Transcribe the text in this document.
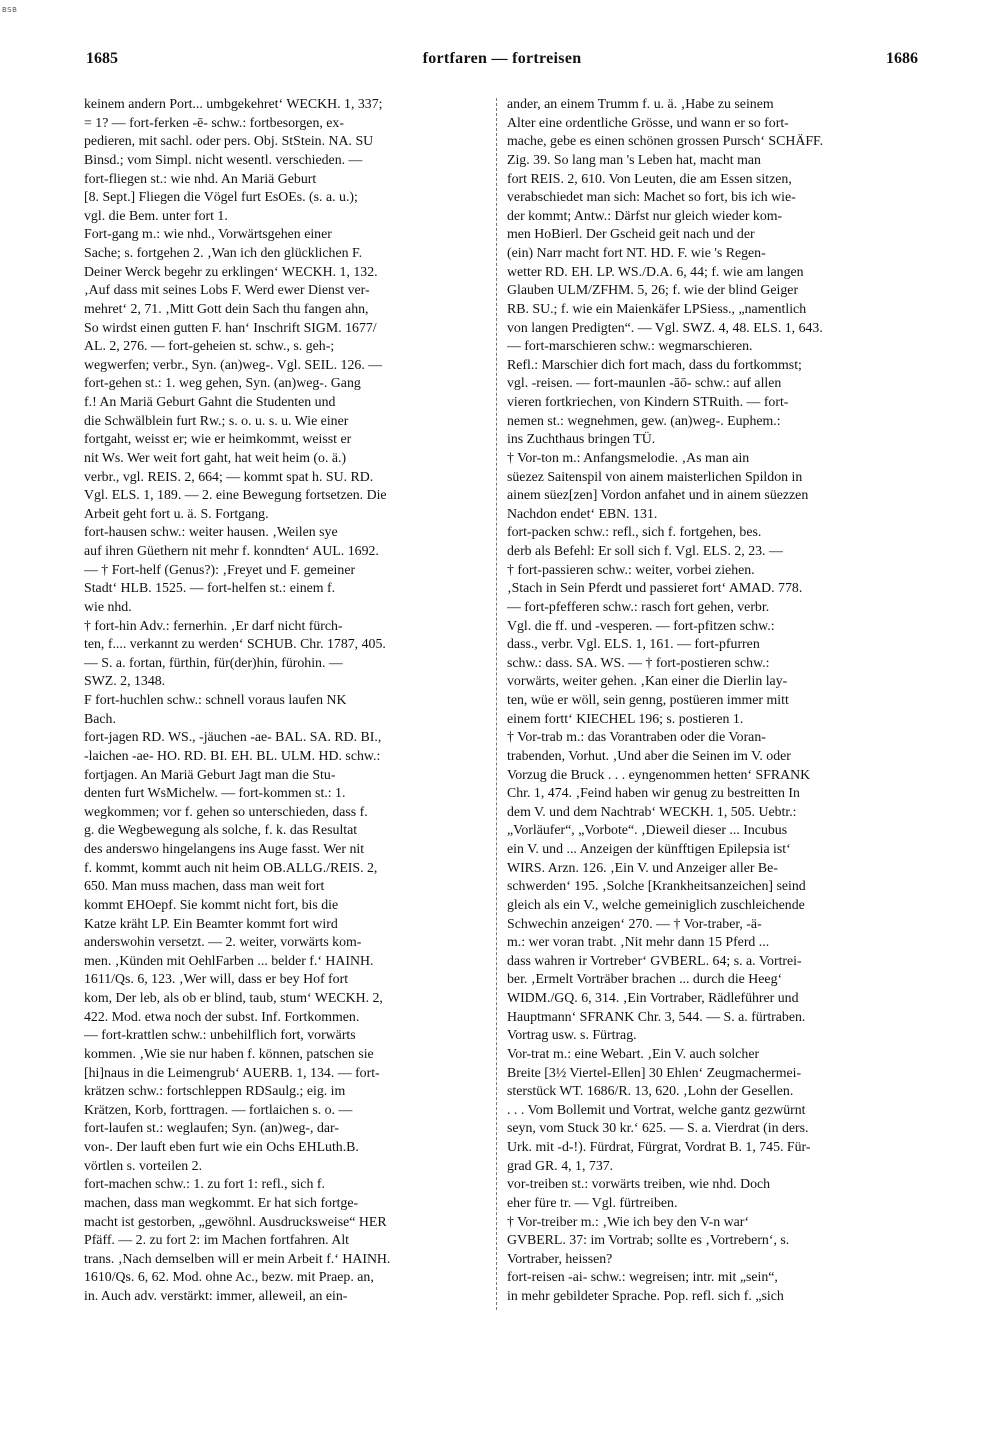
BSB
1685	fortfaren — fortreisen	1686
keinem andern Port... umbgekehret‘ WECKH. 1, 337;
= 1? — fort-ferken -ē- schw.: fortbesorgen, ex-
pedieren, mit sachl. oder pers. Obj. StStein. NA. SU
Binsd.; vom Simpl. nicht wesentl. verschieden. —
fort-fliegen st.: wie nhd. An Mariä Geburt
[8. Sept.] Fliegen die Vögel furt EsOEs. (s. a. u.);
vgl. die Bem. unter fort 1.
Fort-gang m.: wie nhd., Vorwärtsgehen einer
Sache; s. fortgehen 2. ‚Wan ich den glücklichen F.
Deiner Werck begehr zu erklingen‘ WECKH. 1, 132.
‚Auf dass mit seines Lobs F. Werd ewer Dienst ver-
mehret‘ 2, 71. ‚Mitt Gott dein Sach thu fangen ahn,
So wirdst einen gutten F. han‘ Inschrift SIGM. 1677/
AL. 2, 276. — fort-geheien st. schw., s. geh-;
wegwerfen; verbr., Syn. (an)weg-. Vgl. SEIL. 126. —
fort-gehen st.: 1. weg gehen, Syn. (an)weg-. Gang
f.! An Mariä Geburt Gahnt die Studenten und
die Schwälblein furt Rw.; s. o. u. s. u. Wie einer
fortgaht, weisst er; wie er heimkommt, weisst er
nit Ws. Wer weit fort gaht, hat weit heim (o. ä.)
verbr., vgl. REIS. 2, 664; — kommt spat h. SU. RD.
Vgl. ELS. 1, 189. — 2. eine Bewegung fortsetzen. Die
Arbeit geht fort u. ä. S. Fortgang.
fort-hausen schw.: weiter hausen. ‚Weilen sye
auf ihren Güethern nit mehr f. konndten‘ AUL. 1692.
— † Fort-helf (Genus?): ‚Freyet und F. gemeiner
Stadt‘ HLB. 1525. — fort-helfen st.: einem f.
wie nhd.
† fort-hin Adv.: fernerhin. ‚Er darf nicht fürch-
ten, f.... verkannt zu werden‘ SCHUB. Chr. 1787, 405.
— S. a. fortan, fürthin, für(der)hin, fürohin. —
SWZ. 2, 1348.
F fort-huchlen schw.: schnell voraus laufen NK
Bach.
fort-jagen RD. WS., -jäuchen -ae- BAL. SA. RD. BI.,
-laichen -ae- HO. RD. BI. EH. BL. ULM. HD. schw.:
fortjagen. An Mariä Geburt Jagt man die Stu-
denten furt WsMichelw. — fort-kommen st.: 1.
wegkommen; vor f. gehen so unterschieden, dass f.
g. die Wegbewegung als solche, f. k. das Resultat
des anderswo hingelangens ins Auge fasst. Wer nit
f. kommt, kommt auch nit heim OB.ALLG./REIS. 2,
650. Man muss machen, dass man weit fort
kommt EHOepf. Sie kommt nicht fort, bis die
Katze kräht LP. Ein Beamter kommt fort wird
anderswohin versetzt. — 2. weiter, vorwärts kom-
men. ‚Künden mit OehlFarben ... belder f.‘ HAINH.
1611/Qs. 6, 123. ‚Wer will, dass er bey Hof fort
kom, Der leb, als ob er blind, taub, stum‘ WECKH. 2,
422. Mod. etwa noch der subst. Inf. Fortkommen.
— fort-krattlen schw.: unbehilflich fort, vorwärts
kommen. ‚Wie sie nur haben f. können, patschen sie
[hi]naus in die Leimengrub‘ AUERB. 1, 134. — fort-
krätzen schw.: fortschleppen RDSaulg.; eig. im
Krätzen, Korb, forttragen. — fortlaichen s. o. —
fort-laufen st.: weglaufen; Syn. (an)weg-, dar-
von-. Der lauft eben furt wie ein Ochs EHLuth.B.
vörtlen s. vorteilen 2.
fort-machen schw.: 1. zu fort 1: refl., sich f.
machen, dass man wegkommt. Er hat sich fortge-
macht ist gestorben, „gewöhnl. Ausdrucksweise“ HER
Pfäff. — 2. zu fort 2: im Machen fortfahren. Alt
trans. ‚Nach demselben will er mein Arbeit f.‘ HAINH.
1610/Qs. 6, 62. Mod. ohne Ac., bezw. mit Praep. an,
in. Auch adv. verstärkt: immer, alleweil, an ein-
ander, an einem Trumm f. u. ä. ‚Habe zu seinem
Alter eine ordentliche Grösse, und wann er so fort-
mache, gebe es einen schönen grossen Pursch‘ SCHÄFF.
Zig. 39. So lang man 's Leben hat, macht man
fort REIS. 2, 610. Von Leuten, die am Essen sitzen,
verabschiedet man sich: Machet so fort, bis ich wie-
der kommt; Antw.: Därfst nur gleich wieder kom-
men HoBierl. Der Gscheid geit nach und der
(ein) Narr macht fort NT. HD. F. wie 's Regen-
wetter RD. EH. LP. WS./D.A. 6, 44; f. wie am langen
Glauben ULM/ZFHM. 5, 26; f. wie der blind Geiger
RB. SU.; f. wie ein Maienkäfer LPSiess., „namentlich
von langen Predigten“. — Vgl. SWZ. 4, 48. ELS. 1, 643.
— fort-marschieren schw.: wegmarschieren.
Refl.: Marschier dich fort mach, dass du fortkommst;
vgl. -reisen. — fort-maunlen -āō- schw.: auf allen
vieren fortkriechen, von Kindern STRuith. — fort-
nemen st.: wegnehmen, gew. (an)weg-. Euphem.:
ins Zuchthaus bringen TÜ.
† Vor-ton m.: Anfangsmelodie. ‚As man ain
süezez Saitenspil von ainem maisterlichen Spildon in
ainem süez[zen] Vordon anfahet und in ainem süezzen
Nachdon endet‘ EBN. 131.
fort-packen schw.: refl., sich f. fortgehen, bes.
derb als Befehl: Er soll sich f. Vgl. ELS. 2, 23. —
† fort-passieren schw.: weiter, vorbei ziehen.
‚Stach in Sein Pferdt und passieret fort‘ AMAD. 778.
— fort-pfefferen schw.: rasch fort gehen, verbr.
Vgl. die ff. und -vesperen. — fort-pfitzen schw.:
dass., verbr. Vgl. ELS. 1, 161. — fort-pfurren
schw.: dass. SA. WS. — † fort-postieren schw.:
vorwärts, weiter gehen. ‚Kan einer die Dierlin lay-
ten, wüe er wöll, sein genng, postüeren immer mitt
einem fortt‘ KIECHEL 196; s. postieren 1.
† Vor-trab m.: das Vorantraben oder die Voran-
trabenden, Vorhut. ‚Und aber die Seinen im V. oder
Vorzug die Bruck . . . eyngenommen hetten‘ SFRANK
Chr. 1, 474. ‚Feind haben wir genug zu bestreitten In
dem V. und dem Nachtrab‘ WECKH. 1, 505. Uebtr.:
„Vorläufer“, „Vorbote“. ‚Dieweil dieser ... Incubus
ein V. und ... Anzeigen der künfftigen Epilepsia ist‘
WIRS. Arzn. 126. ‚Ein V. und Anzeiger aller Be-
schwerden‘ 195. ‚Solche [Krankheitsanzeichen] seind
gleich als ein V., welche gemeiniglich zuschleichende
Schwechin anzeigen‘ 270. — † Vor-traber, -ä-
m.: wer voran trabt. ‚Nit mehr dann 15 Pferd ...
dass wahren ir Vortreber‘ GVBERL. 64; s. a. Vortrei-
ber. ‚Ermelt Vorträber brachen ... durch die Heeg‘
WIDM./GQ. 6, 314. ‚Ein Vortraber, Rädleführer und
Hauptmann‘ SFRANK Chr. 3, 544. — S. a. fürtraben.
Vortrag usw. s. Fürtrag.
Vor-trat m.: eine Webart. ‚Ein V. auch solcher
Breite [3½ Viertel-Ellen] 30 Ehlen‘ Zeugmachermei-
sterstück WT. 1686/R. 13, 620. ‚Lohn der Gesellen.
. . . Vom Bollemit und Vortrat, welche gantz gezwürnt
seyn, vom Stuck 30 kr.‘ 625. — S. a. Vierdrat (in ders.
Urk. mit -d-!). Fürdrat, Fürgrat, Vordrat B. 1, 745. Für-
grad GR. 4, 1, 737.
vor-treiben st.: vorwärts treiben, wie nhd. Doch
eher füre tr. — Vgl. fürtreiben.
† Vor-treiber m.: ‚Wie ich bey den V-n war‘
GVBERL. 37: im Vortrab; sollte es ‚Vortrebern‘, s.
Vortraber, heissen?
fort-reisen -ai- schw.: wegreisen; intr. mit „sein“,
in mehr gebildeter Sprache. Pop. refl. sich f. „sich
